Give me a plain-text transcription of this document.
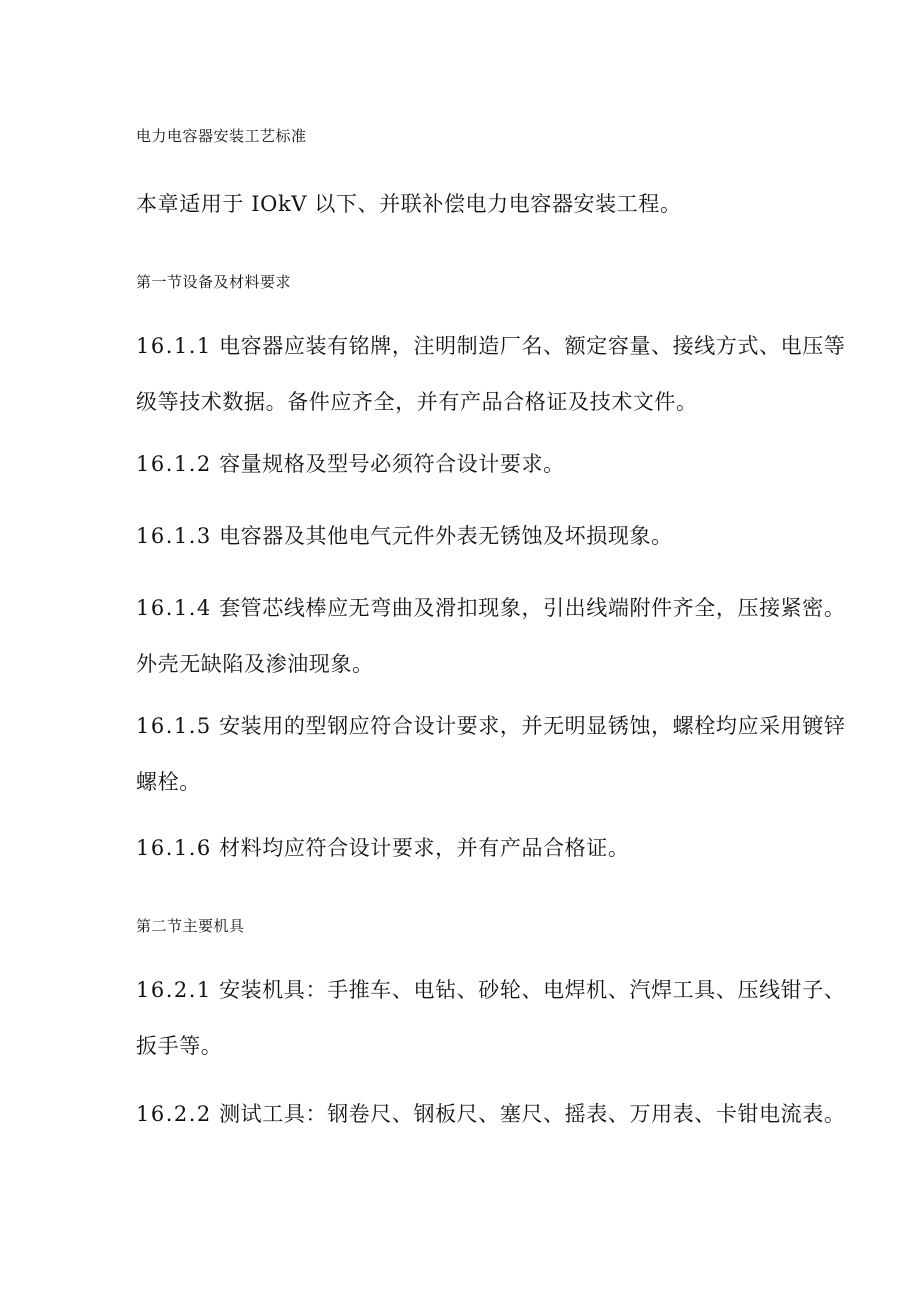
电力电容器安装工艺标准

本章适用于 IOkV 以下、并联补偿电力电容器安装工程。

第一节设备及材料要求

16.1.1 电容器应装有铭牌，注明制造厂名、额定容量、接线方式、电压等
级等技术数据。备件应齐全，并有产品合格证及技术文件。

16.1.2 容量规格及型号必须符合设计要求。

16.1.3 电容器及其他电气元件外表无锈蚀及坏损现象。

16.1.4 套管芯线棒应无弯曲及滑扣现象，引出线端附件齐全，压接紧密。
外壳无缺陷及渗油现象。

16.1.5 安装用的型钢应符合设计要求，并无明显锈蚀，螺栓均应采用镀锌
螺栓。

16.1.6 材料均应符合设计要求，并有产品合格证。

第二节主要机具

16.2.1 安装机具：手推车、电钻、砂轮、电焊机、汽焊工具、压线钳子、
扳手等。

16.2.2 测试工具：钢卷尺、钢板尺、塞尺、摇表、万用表、卡钳电流表。
